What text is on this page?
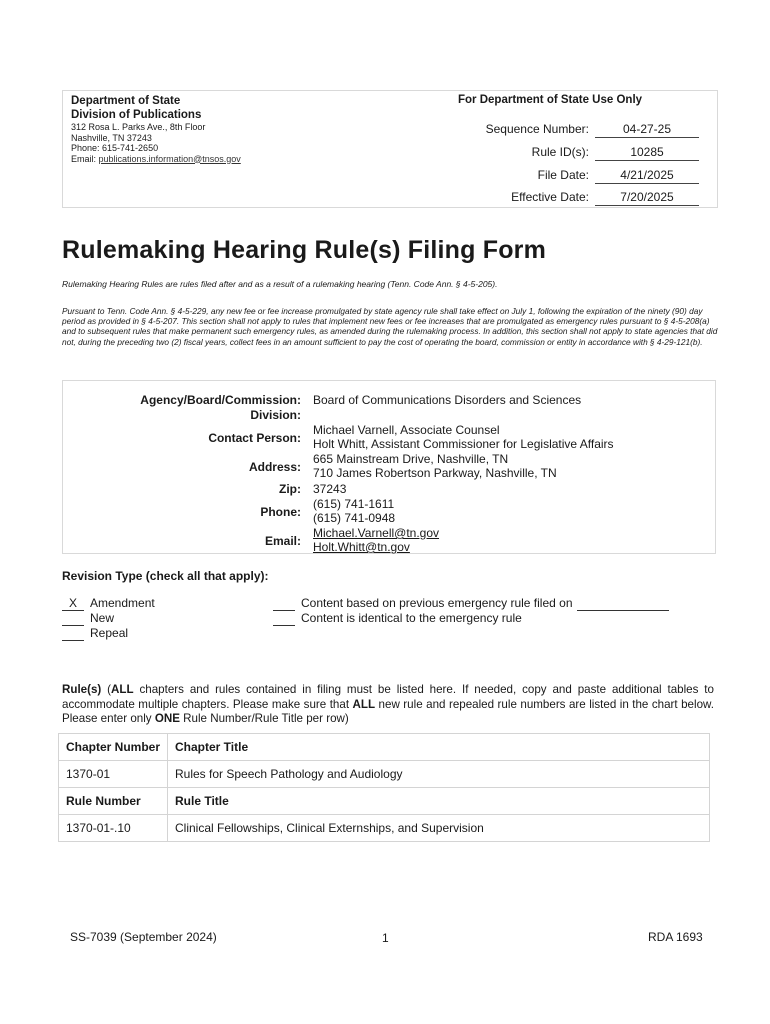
Department of State
Division of Publications
312 Rosa L. Parks Ave., 8th Floor
Nashville, TN 37243
Phone: 615-741-2650
Email: publications.information@tnsos.gov
For Department of State Use Only
Sequence Number:	04-27-25
Rule ID(s):	10285
File Date:	4/21/2025
Effective Date:	7/20/2025
Rulemaking Hearing Rule(s) Filing Form
Rulemaking Hearing Rules are rules filed after and as a result of a rulemaking hearing (Tenn. Code Ann. § 4-5-205).
Pursuant to Tenn. Code Ann. § 4-5-229, any new fee or fee increase promulgated by state agency rule shall take effect on July 1, following the expiration of the ninety (90) day period as provided in § 4-5-207. This section shall not apply to rules that implement new fees or fee increases that are promulgated as emergency rules pursuant to § 4-5-208(a) and to subsequent rules that make permanent such emergency rules, as amended during the rulemaking process. In addition, this section shall not apply to state agencies that did not, during the preceding two (2) fiscal years, collect fees in an amount sufficient to pay the cost of operating the board, commission or entity in accordance with § 4-29-121(b).
Agency/Board/Commission: Board of Communications Disorders and Sciences
Division:
Contact Person:
Michael Varnell, Associate Counsel
Holt Whitt, Assistant Commissioner for Legislative Affairs
Address:
665 Mainstream Drive, Nashville, TN
710 James Robertson Parkway, Nashville, TN
Zip: 37243
Phone:
(615) 741-1611
(615) 741-0948
Email:
Michael.Varnell@tn.gov
Holt.Whitt@tn.gov
Revision Type (check all that apply):
X Amendment
New
Repeal
Content based on previous emergency rule filed on
Content is identical to the emergency rule
Rule(s) (ALL chapters and rules contained in filing must be listed here. If needed, copy and paste additional tables to accommodate multiple chapters. Please make sure that ALL new rule and repealed rule numbers are listed in the chart below. Please enter only ONE Rule Number/Rule Title per row)
Chapter Number	Chapter Title
1370-01	Rules for Speech Pathology and Audiology
Rule Number	Rule Title
1370-01-.10	Clinical Fellowships, Clinical Externships, and Supervision
SS-7039 (September 2024)	1	RDA 1693
